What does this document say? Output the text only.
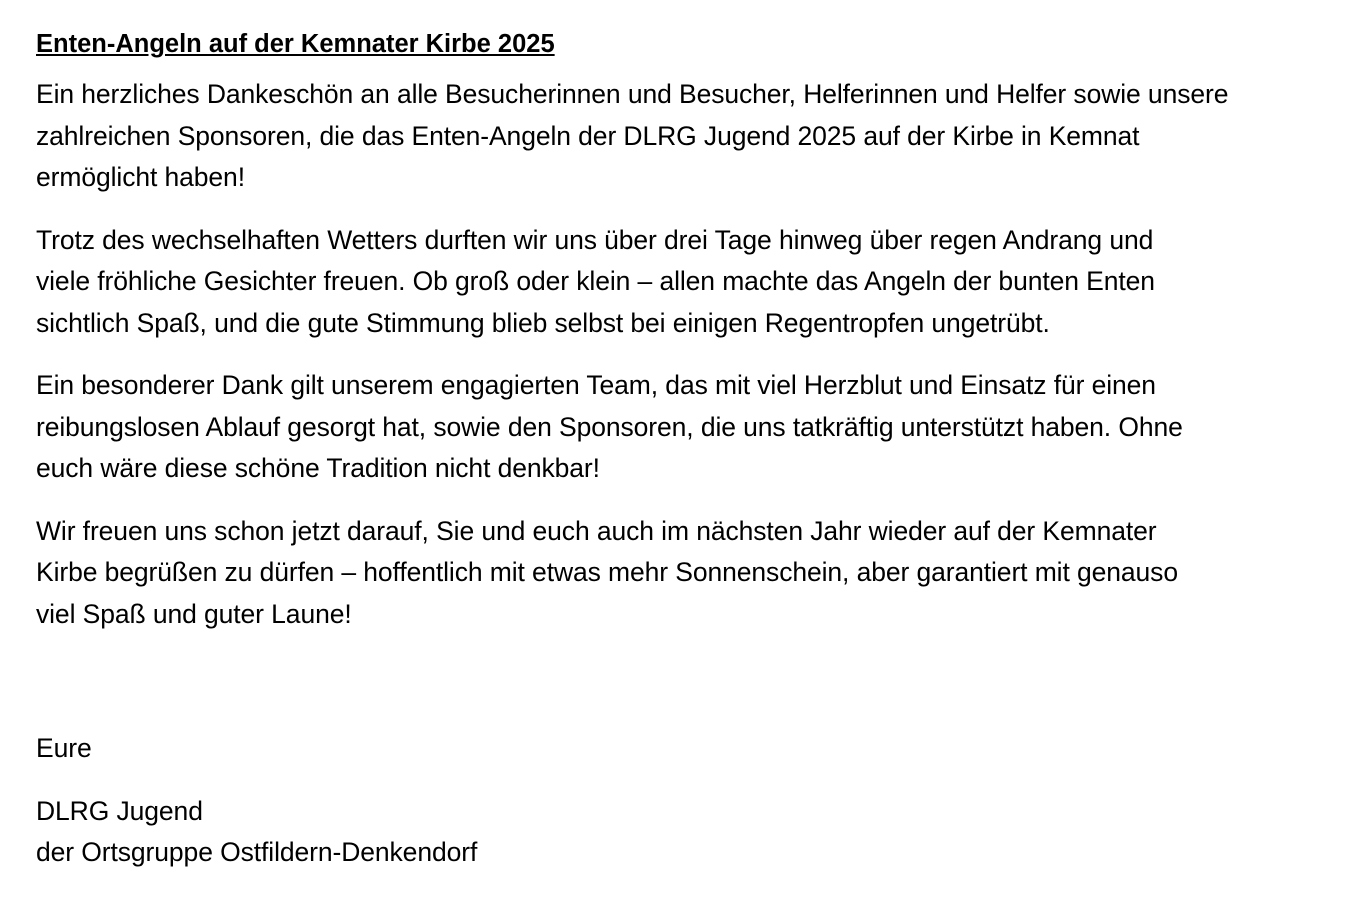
Enten-Angeln auf der Kemnater Kirbe 2025
Ein herzliches Dankeschön an alle Besucherinnen und Besucher, Helferinnen und Helfer sowie unsere
zahlreichen Sponsoren, die das Enten-Angeln der DLRG Jugend 2025 auf der Kirbe in Kemnat
ermöglicht haben!
Trotz des wechselhaften Wetters durften wir uns über drei Tage hinweg über regen Andrang und
viele fröhliche Gesichter freuen. Ob groß oder klein – allen machte das Angeln der bunten Enten
sichtlich Spaß, und die gute Stimmung blieb selbst bei einigen Regentropfen ungetrübt.
Ein besonderer Dank gilt unserem engagierten Team, das mit viel Herzblut und Einsatz für einen
reibungslosen Ablauf gesorgt hat, sowie den Sponsoren, die uns tatkräftig unterstützt haben. Ohne
euch wäre diese schöne Tradition nicht denkbar!
Wir freuen uns schon jetzt darauf, Sie und euch auch im nächsten Jahr wieder auf der Kemnater
Kirbe begrüßen zu dürfen – hoffentlich mit etwas mehr Sonnenschein, aber garantiert mit genauso
viel Spaß und guter Laune!
Eure
DLRG Jugend
der Ortsgruppe Ostfildern-Denkendorf
